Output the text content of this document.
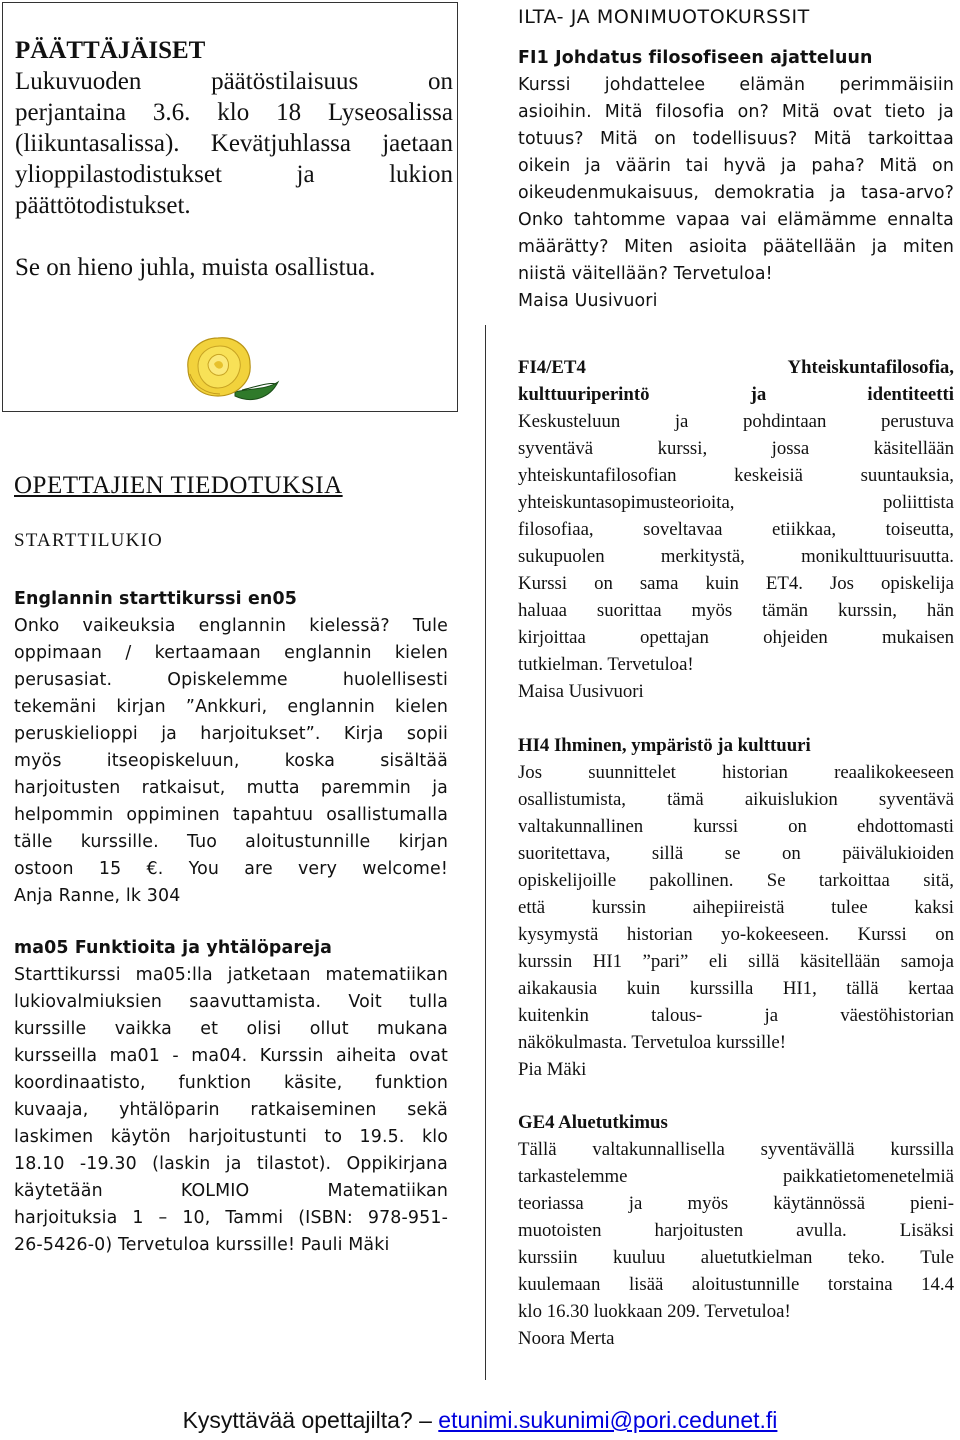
PÄÄTTÄJÄISET

Lukuvuoden päätöstilaisuus on

perjantaina 3.6. klo 18 Lyseosalissa

(liikuntasalissa). Kevätjuhlassa jaetaan

ylioppilastodistukset ja lukion

päättötodistukset.

Se on hieno juhla, muista osallistua.

OPETTAJIEN TIEDOTUKSIA
STARTTILUKIO

Englannin starttikurssi en05

Onko vaikeuksia englannin kielessä? Tule

oppimaan / kertaamaan englannin kielen

perusasiat. Opiskelemme huolellisesti

tekemäni kirjan ”Ankkuri, englannin kielen

peruskielioppi ja harjoitukset”. Kirja sopii

myös itseopiskeluun, koska sisältää

harjoitusten ratkaisut, mutta paremmin ja

helpommin oppiminen tapahtuu osallistumalla

tälle kurssille. Tuo aloitustunnille kirjan

ostoon 15 €. You are very welcome!

Anja Ranne, lk 304

ma05 Funktioita ja yhtälöpareja

Starttikurssi ma05:lla jatketaan matematiikan

lukiovalmiuksien saavuttamista. Voit tulla

kurssille vaikka et olisi ollut mukana

kursseilla ma01 - ma04. Kurssin aiheita ovat

koordinaatisto, funktion käsite, funktion

kuvaaja, yhtälöparin ratkaiseminen sekä

laskimen käytön harjoitustunti to 19.5. klo

18.10 -19.30 (laskin ja tilastot). Oppikirjana

käytetään KOLMIO Matematiikan

harjoituksia 1 – 10, Tammi (ISBN: 978-951-

26-5426-0) Tervetuloa kurssille! Pauli Mäki

ILTA- JA MONIMUOTOKURSSIT

FI1 Johdatus filosofiseen ajatteluun

Kurssi johdattelee elämän perimmäisiin

asioihin. Mitä filosofia on? Mitä ovat tieto ja

totuus? Mitä on todellisuus? Mitä tarkoittaa

oikein ja väärin tai hyvä ja paha? Mitä on

oikeudenmukaisuus, demokratia ja tasa-arvo?

Onko tahtomme vapaa vai elämämme ennalta

määrätty? Miten asioita päätellään ja miten

niistä väitellään? Tervetuloa!

Maisa Uusivuori

FI4/ET4 Yhteiskuntafilosofia,

kulttuuriperintö ja identiteetti

Keskusteluun ja pohdintaan perustuva

syventävä kurssi, jossa käsitellään

yhteiskuntafilosofian keskeisiä suuntauksia,

yhteiskuntasopimusteorioita, poliittista

filosofiaa, soveltavaa etiikkaa, toiseutta,

sukupuolen merkitystä, monikulttuurisuutta.

Kurssi on sama kuin ET4. Jos opiskelija

haluaa suorittaa myös tämän kurssin, hän

kirjoittaa opettajan ohjeiden mukaisen

tutkielman. Tervetuloa!

Maisa Uusivuori

HI4 Ihminen, ympäristö ja kulttuuri

Jos suunnittelet historian reaalikokeeseen

osallistumista, tämä aikuislukion syventävä

valtakunnallinen kurssi on ehdottomasti

suoritettava, sillä se on päivälukioiden

opiskelijoille pakollinen. Se tarkoittaa sitä,

että kurssin aihepiireistä tulee kaksi

kysymystä historian yo-kokeeseen. Kurssi on

kurssin HI1 ”pari” eli sillä käsitellään samoja

aikakausia kuin kurssilla HI1, tällä kertaa

kuitenkin talous- ja väestöhistorian

näkökulmasta. Tervetuloa kurssille!

Pia Mäki

GE4 Aluetutkimus

Tällä valtakunnallisella syventävällä kurssilla

tarkastelemme paikkatietomenetelmiä

teoriassa ja myös käytännössä pieni-

muotoisten harjoitusten avulla. Lisäksi

kurssiin kuuluu aluetutkielman teko. Tule

kuulemaan lisää aloitustunnille torstaina 14.4

klo 16.30 luokkaan 209. Tervetuloa!

Noora Merta

Kysyttävää opettajilta? – etunimi.sukunimi@pori.cedunet.fi
